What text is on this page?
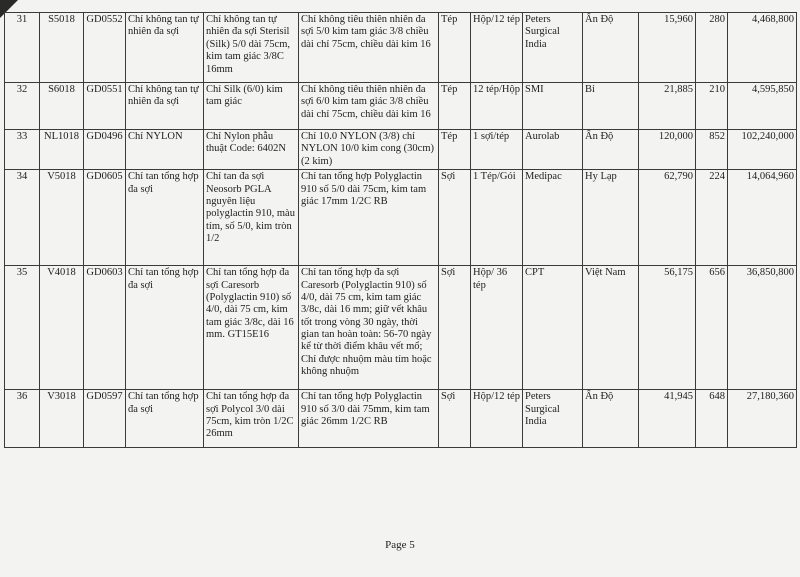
31	S5018	GD0552	Chỉ không tan tự nhiên đa sợi	Chỉ không tan tự nhiên đa sợi Sterisil (Silk) 5/0 dài 75cm, kim tam giác 3/8C 16mm	Chỉ không tiêu thiên nhiên đa sợi 5/0 kim tam giác 3/8 chiều dài chỉ 75cm, chiều dài kim 16	Tép	Hộp/12 tép	Peters Surgical India	Ấn Độ	15,960	280	4,468,800
32	S6018	GD0551	Chỉ không tan tự nhiên đa sợi	Chỉ Silk (6/0) kim tam giác	Chỉ không tiêu thiên nhiên đa sợi 6/0 kim tam giác 3/8 chiều dài chỉ 75cm, chiều dài kim 16	Tép	12 tép/Hộp	SMI	Bỉ	21,885	210	4,595,850
33	NL1018	GD0496	Chỉ NYLON	Chỉ Nylon phẫu thuật Code: 6402N	Chỉ 10.0 NYLON (3/8) chỉ NYLON 10/0 kim cong (30cm) (2 kim)	Tép	1 sợi/tép	Aurolab	Ấn Độ	120,000	852	102,240,000
34	V5018	GD0605	Chỉ tan tổng hợp đa sợi	Chỉ tan đa sợi Neosorb PGLA nguyên liệu polyglactin 910, màu tím, số 5/0, kim tròn 1/2	Chỉ tan tổng hợp Polyglactin 910 số 5/0 dài 75cm, kim tam giác 17mm 1/2C RB	Sợi	1 Tép/Gói	Medipac	Hy Lạp	62,790	224	14,064,960
35	V4018	GD0603	Chỉ tan tổng hợp đa sợi	Chỉ tan tổng hợp đa sợi Caresorb (Polyglactin 910) số 4/0, dài 75 cm, kim tam giác 3/8c, dài 16 mm. GT15E16	Chỉ tan tổng hợp đa sợi Caresorb (Polyglactin 910) số 4/0, dài 75 cm, kim tam giác 3/8c, dài 16 mm; giữ vết khâu tốt trong vòng 30 ngày, thời gian tan hoàn toàn: 56-70 ngày kể từ thời điểm khâu vết mổ; Chỉ được nhuộm màu tím hoặc không nhuộm	Sợi	Hộp/ 36 tép	CPT	Việt Nam	56,175	656	36,850,800
36	V3018	GD0597	Chỉ tan tổng hợp đa sợi	Chỉ tan tổng hợp đa sợi Polycol 3/0 dài 75cm, kim tròn 1/2C 26mm	Chỉ tan tổng hợp Polyglactin 910 số 3/0 dài 75mm, kim tam giác 26mm 1/2C RB	Sợi	Hộp/12 tép	Peters Surgical India	Ấn Độ	41,945	648	27,180,360
Page 5
